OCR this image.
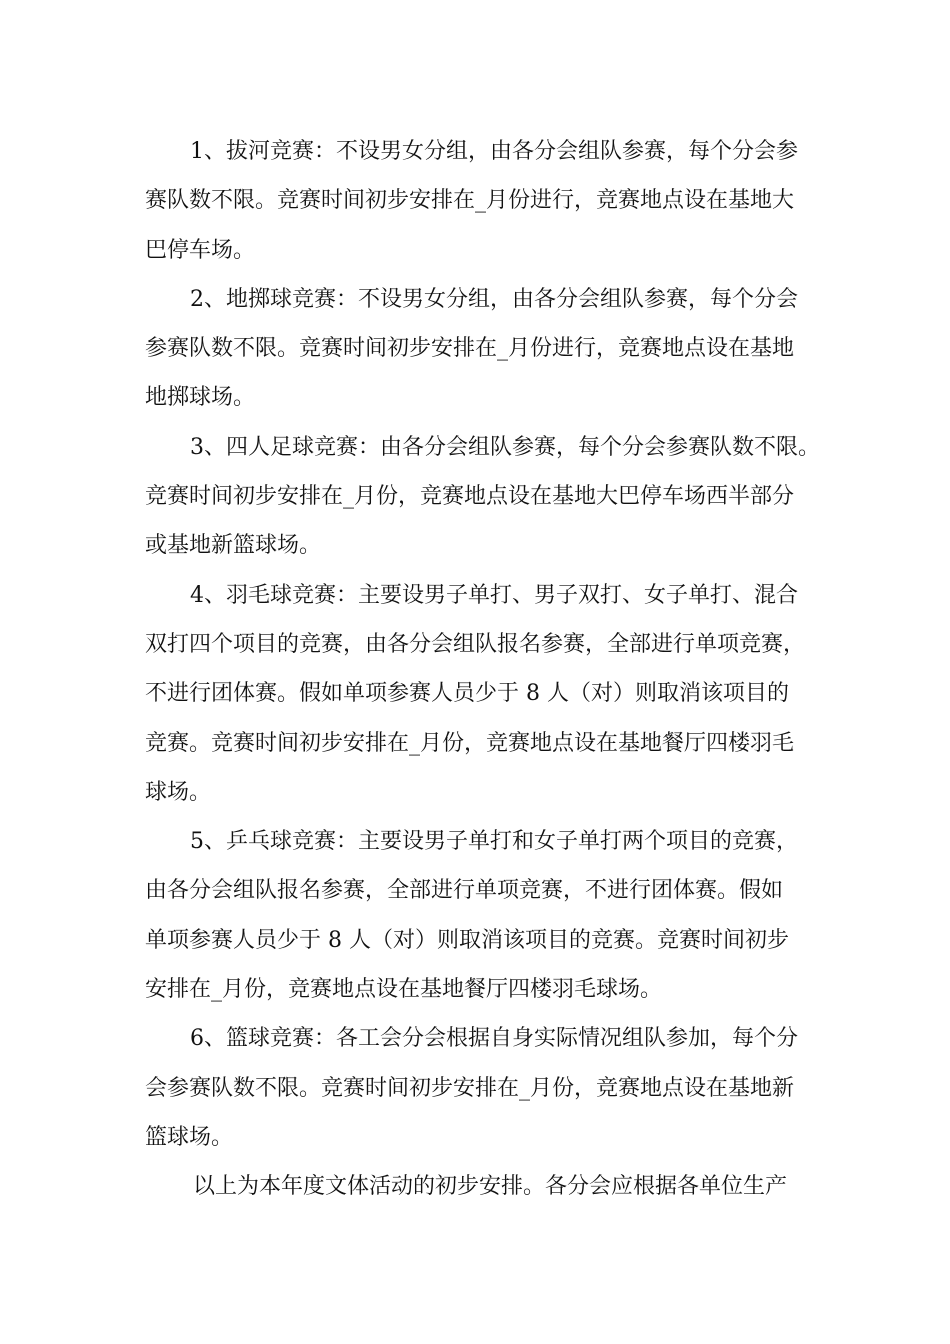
1、拔河竞赛：不设男女分组，由各分会组队参赛，每个分会参
赛队数不限。竞赛时间初步安排在_月份进行，竞赛地点设在基地大
巴停车场。
2、地掷球竞赛：不设男女分组，由各分会组队参赛，每个分会
参赛队数不限。竞赛时间初步安排在_月份进行，竞赛地点设在基地
地掷球场。
3、四人足球竞赛：由各分会组队参赛，每个分会参赛队数不限。
竞赛时间初步安排在_月份，竞赛地点设在基地大巴停车场西半部分
或基地新篮球场。
4、羽毛球竞赛：主要设男子单打、男子双打、女子单打、混合
双打四个项目的竞赛，由各分会组队报名参赛，全部进行单项竞赛，
不进行团体赛。假如单项参赛人员少于 8 人（对）则取消该项目的
竞赛。竞赛时间初步安排在_月份，竞赛地点设在基地餐厅四楼羽毛
球场。
5、乒乓球竞赛：主要设男子单打和女子单打两个项目的竞赛，
由各分会组队报名参赛，全部进行单项竞赛，不进行团体赛。假如
单项参赛人员少于 8 人（对）则取消该项目的竞赛。竞赛时间初步
安排在_月份，竞赛地点设在基地餐厅四楼羽毛球场。
6、篮球竞赛：各工会分会根据自身实际情况组队参加，每个分
会参赛队数不限。竞赛时间初步安排在_月份，竞赛地点设在基地新
篮球场。
以上为本年度文体活动的初步安排。各分会应根据各单位生产
